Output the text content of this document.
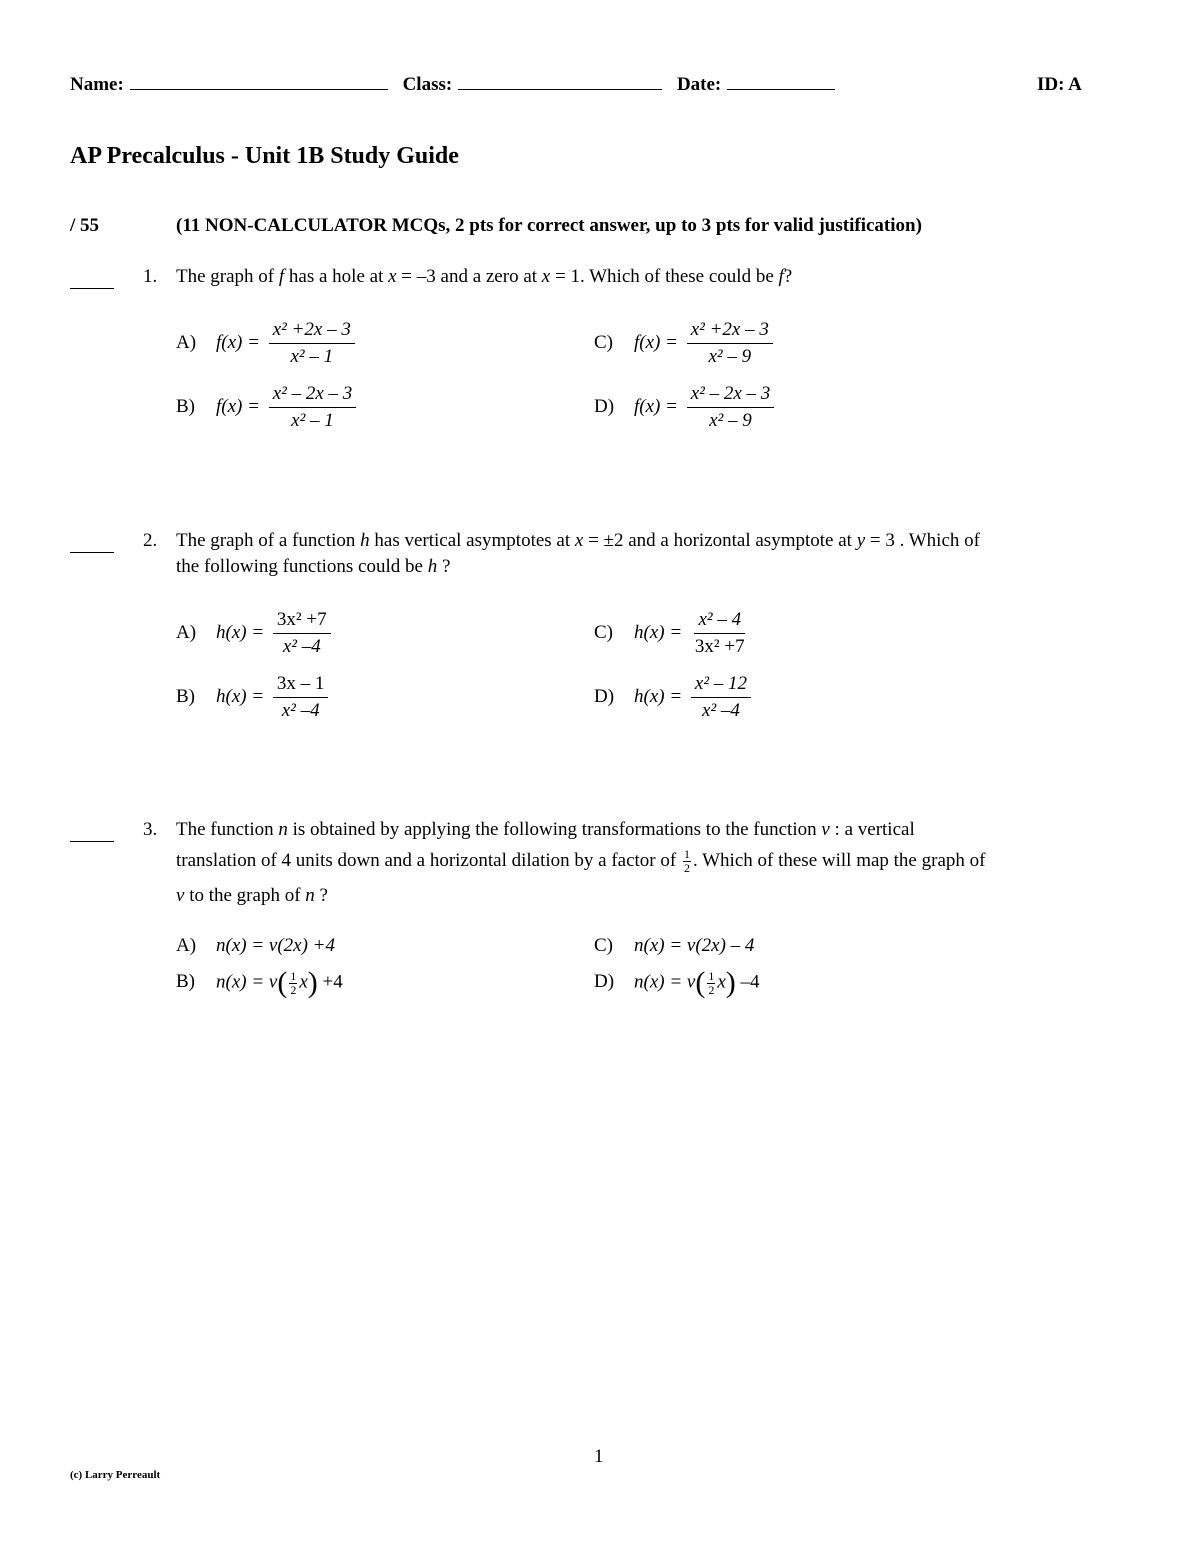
Name:	Class:	Date:	ID: A
AP Precalculus - Unit 1B Study Guide
/ 55	(11 NON-CALCULATOR MCQs, 2 pts for correct answer, up to 3 pts for valid justification)
1. The graph of f has a hole at x = –3 and a zero at x = 1. Which of these could be f?
A) $f(x) = \frac{\text{x² +2x – 3}}{\text{x² – 1}}$
B) $f(x) = \frac{\text{x² – 2x – 3}}{\text{x² – 1}}$
C) $f(x) = \frac{\text{x² +2x – 3}}{\text{x² – 9}}$
D) $f(x) = \frac{\text{x² – 2x – 3}}{\text{x² – 9}}$
2. The graph of a function h has vertical asymptotes at x = ±2 and a horizontal asymptote at y = 3 . Which of
the following functions could be h ?
A) $h(x) = \frac{\text{3x² +7}}{\text{x² –4}}$
B) $h(x) = \frac{3x - 1}{\text{x² –4}}$
C) $h(x) = \frac{\text{x² – 4}}{\text{3x² +7}}$
D) $h(x) = \frac{\text{x² – 12}}{\text{x² –4}}$
3. The function n is obtained by applying the following transformations to the function v : a vertical
translation of 4 units down and a horizontal dilation by a factor of $\frac{1}{2}$ . Which of these will map the graph of
v to the graph of n ?
A) n(x) = v(2x) +4
B) $n(x) = v( \frac{1}{2} x) +4$
C) n(x) = v(2x) – 4
D) $n(x) = v( \frac{1}{2} x)$ –4
1
(c) Larry Perreault
